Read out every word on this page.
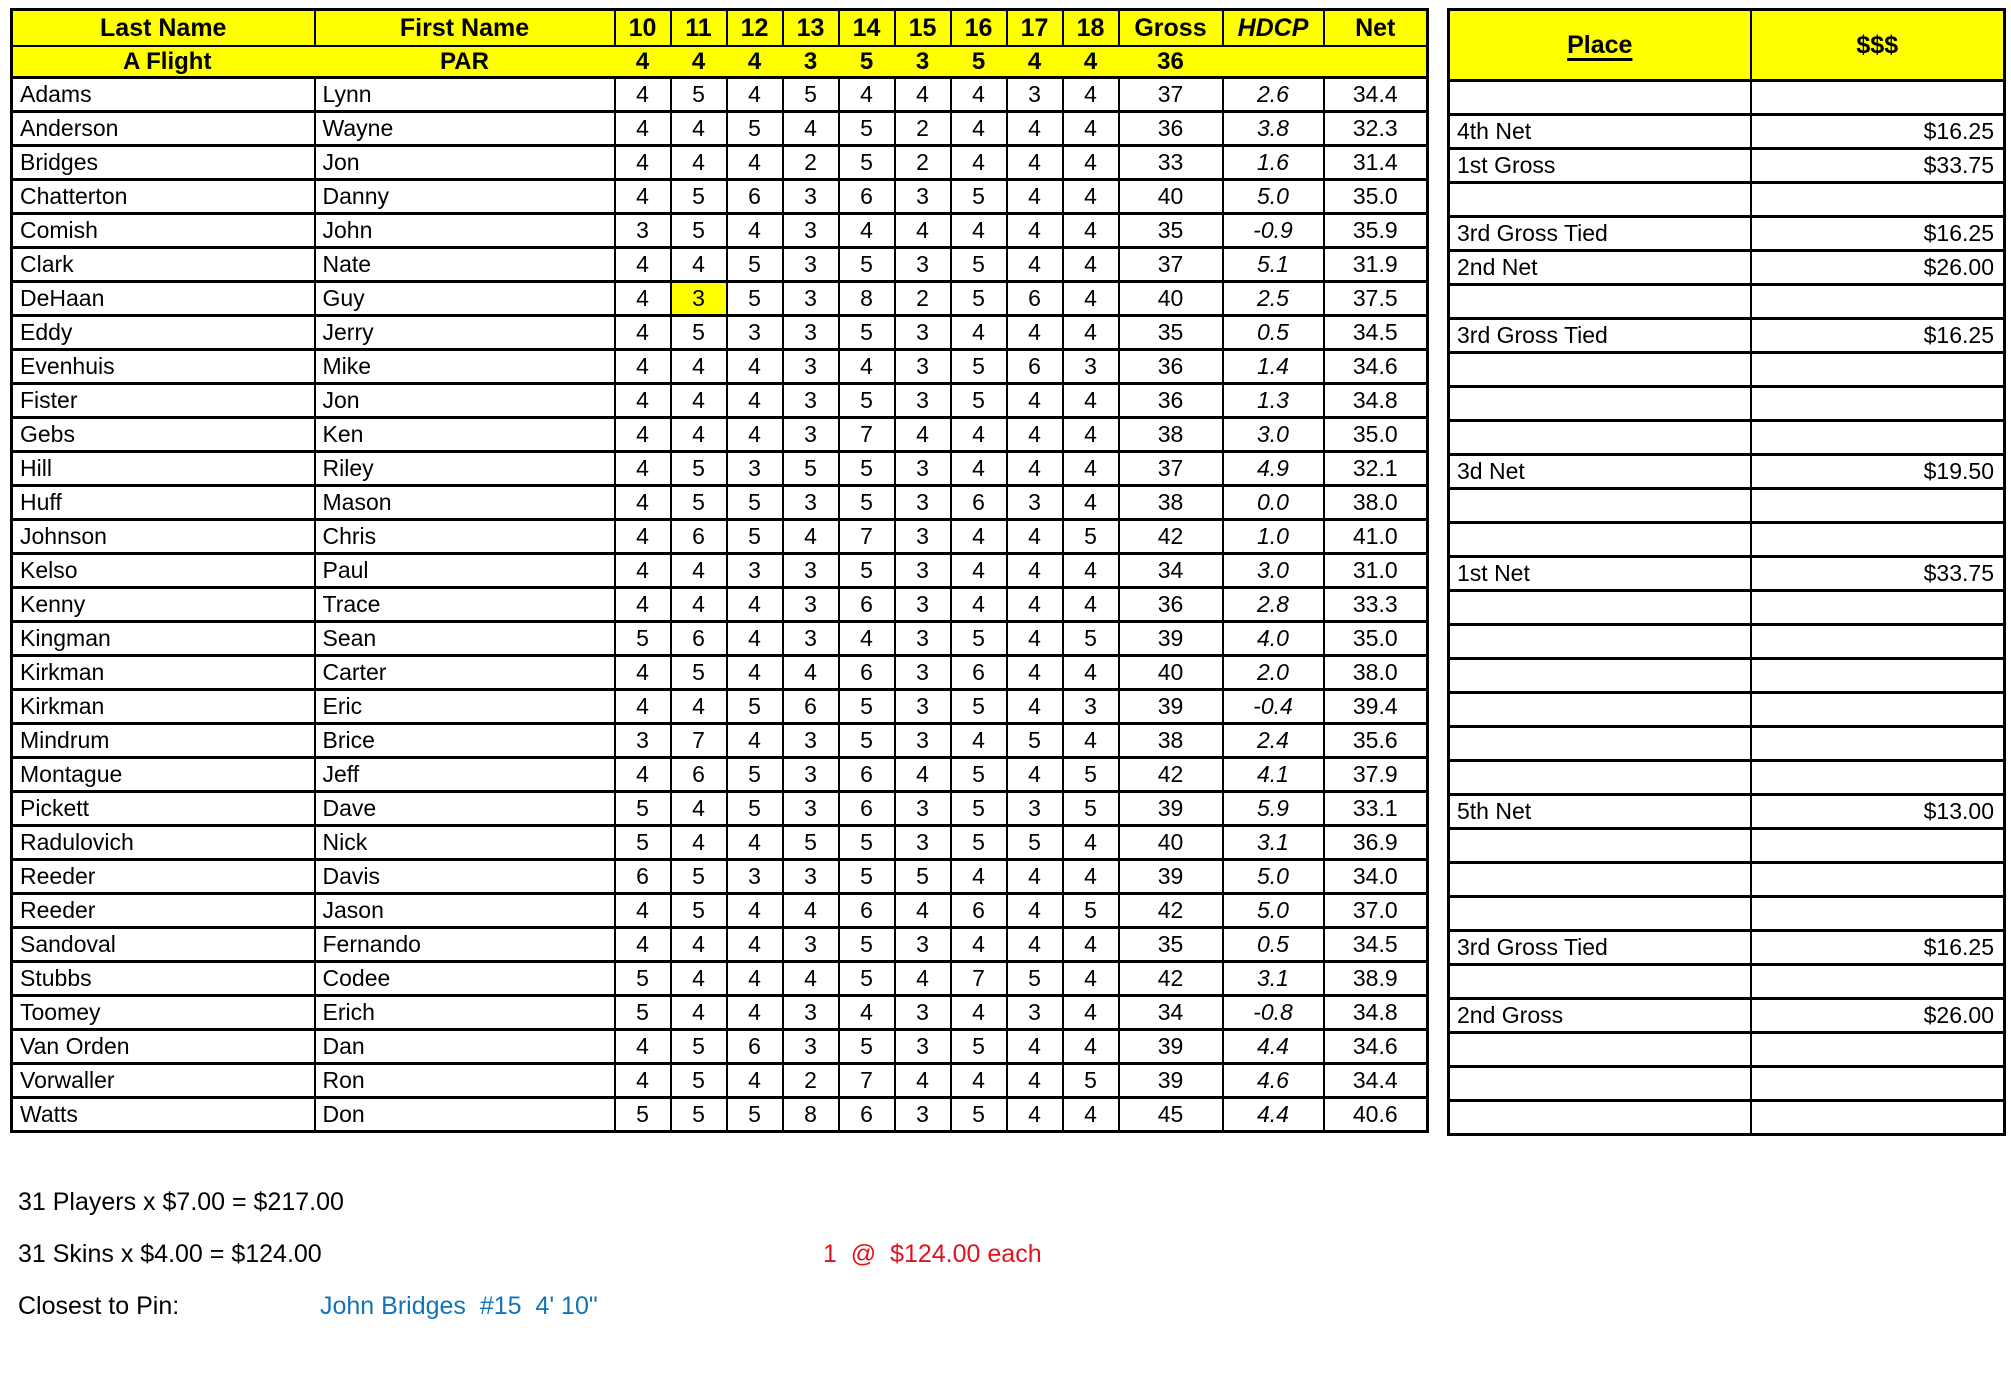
Last Name	First Name	10	11	12	13	14	15	16	17	18	Gross	HDCP	Net
A Flight	PAR	4	4	4	3	5	3	5	4	4	36		
Adams	Lynn	4	5	4	5	4	4	4	3	4	37	2.6	34.4
Anderson	Wayne	4	4	5	4	5	2	4	4	4	36	3.8	32.3
Bridges	Jon	4	4	4	2	5	2	4	4	4	33	1.6	31.4
Chatterton	Danny	4	5	6	3	6	3	5	4	4	40	5.0	35.0
Comish	John	3	5	4	3	4	4	4	4	4	35	-0.9	35.9
Clark	Nate	4	4	5	3	5	3	5	4	4	37	5.1	31.9
DeHaan	Guy	4	3	5	3	8	2	5	6	4	40	2.5	37.5
Eddy	Jerry	4	5	3	3	5	3	4	4	4	35	0.5	34.5
Evenhuis	Mike	4	4	4	3	4	3	5	6	3	36	1.4	34.6
Fister	Jon	4	4	4	3	5	3	5	4	4	36	1.3	34.8
Gebs	Ken	4	4	4	3	7	4	4	4	4	38	3.0	35.0
Hill	Riley	4	5	3	5	5	3	4	4	4	37	4.9	32.1
Huff	Mason	4	5	5	3	5	3	6	3	4	38	0.0	38.0
Johnson	Chris	4	6	5	4	7	3	4	4	5	42	1.0	41.0
Kelso	Paul	4	4	3	3	5	3	4	4	4	34	3.0	31.0
Kenny	Trace	4	4	4	3	6	3	4	4	4	36	2.8	33.3
Kingman	Sean	5	6	4	3	4	3	5	4	5	39	4.0	35.0
Kirkman	Carter	4	5	4	4	6	3	6	4	4	40	2.0	38.0
Kirkman	Eric	4	4	5	6	5	3	5	4	3	39	-0.4	39.4
Mindrum	Brice	3	7	4	3	5	3	4	5	4	38	2.4	35.6
Montague	Jeff	4	6	5	3	6	4	5	4	5	42	4.1	37.9
Pickett	Dave	5	4	5	3	6	3	5	3	5	39	5.9	33.1
Radulovich	Nick	5	4	4	5	5	3	5	5	4	40	3.1	36.9
Reeder	Davis	6	5	3	3	5	5	4	4	4	39	5.0	34.0
Reeder	Jason	4	5	4	4	6	4	6	4	5	42	5.0	37.0
Sandoval	Fernando	4	4	4	3	5	3	4	4	4	35	0.5	34.5
Stubbs	Codee	5	4	4	4	5	4	7	5	4	42	3.1	38.9
Toomey	Erich	5	4	4	3	4	3	4	3	4	34	-0.8	34.8
Van Orden	Dan	4	5	6	3	5	3	5	4	4	39	4.4	34.6
Vorwaller	Ron	4	5	4	2	7	4	4	4	5	39	4.6	34.4
Watts	Don	5	5	5	8	6	3	5	4	4	45	4.4	40.6
Place	$$$

4th Net	$16.25
1st Gross	$33.75

3rd Gross Tied	$16.25
2nd Net	$26.00

3rd Gross Tied	$16.25

3d Net	$19.50

1st Net	$33.75

5th Net	$13.00

3rd Gross Tied	$16.25

2nd Gross	$26.00

31 Players x $7.00 = $217.00

31 Skins x $4.00 = $124.00

	1  @  $124.00 each

Closest to Pin:

	John Bridges  #15  4' 10"
